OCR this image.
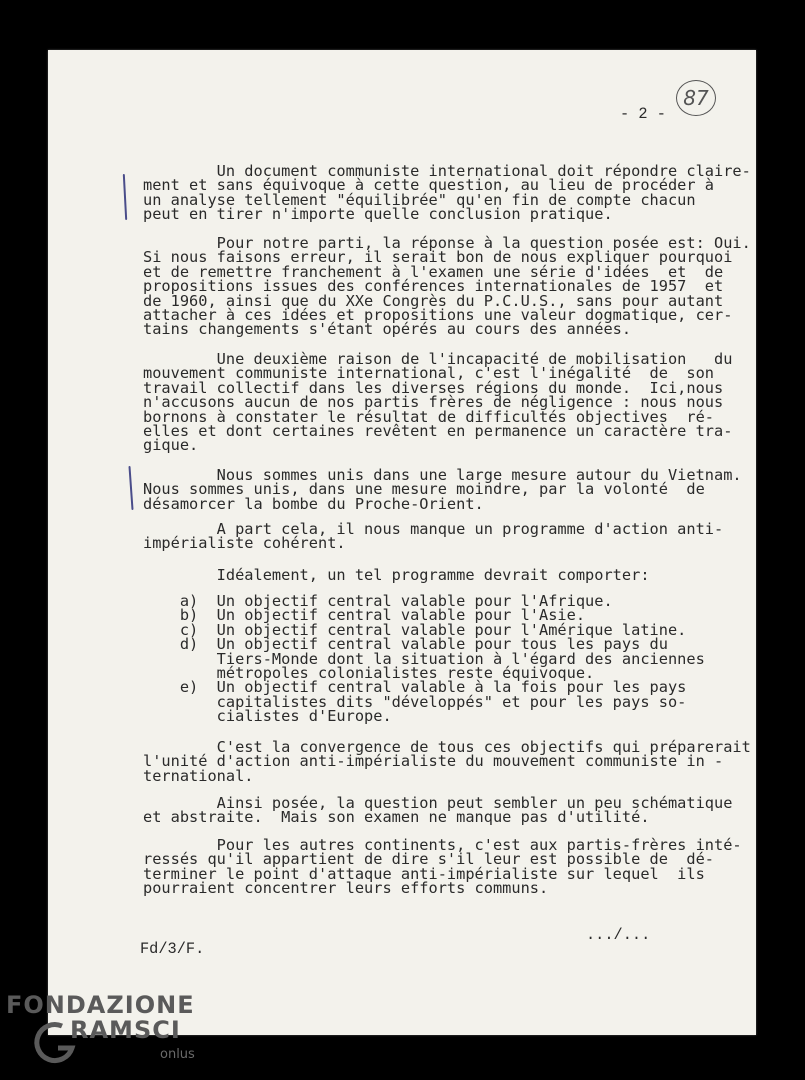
87
- 2 -
Un document communiste international doit répondre claire-
ment et sans équivoque à cette question, au lieu de procéder à
un analyse tellement "équilibrée" qu'en fin de compte chacun
peut en tirer n'importe quelle conclusion pratique.
Pour notre parti, la réponse à la question posée est: Oui.
Si nous faisons erreur, il serait bon de nous expliquer pourquoi
et de remettre franchement à l'examen une série d'idées  et  de
propositions issues des conférences internationales de 1957  et
de 1960, ainsi que du XXe Congrès du P.C.U.S., sans pour autant
attacher à ces idées et propositions une valeur dogmatique, cer-
tains changements s'étant opérés au cours des années.
Une deuxième raison de l'incapacité de mobilisation   du
mouvement communiste international, c'est l'inégalité  de  son
travail collectif dans les diverses régions du monde.  Ici,nous
n'accusons aucun de nos partis frères de négligence : nous nous
bornons à constater le résultat de difficultés objectives  ré-
elles et dont certaines revêtent en permanence un caractère tra-
gique.
Nous sommes unis dans une large mesure autour du Vietnam.
Nous sommes unis, dans une mesure moindre, par la volonté  de
désamorcer la bombe du Proche-Orient.
A part cela, il nous manque un programme d'action anti-
impérialiste cohérent.
Idéalement, un tel programme devrait comporter:
a)  Un objectif central valable pour l'Afrique.
b)  Un objectif central valable pour l'Asie.
c)  Un objectif central valable pour l'Amérique latine.
d)  Un objectif central valable pour tous les pays du
Tiers-Monde dont la situation à l'égard des anciennes
métropoles colonialistes reste équivoque.
e)  Un objectif central valable à la fois pour les pays
capitalistes dits "développés" et pour les pays so-
cialistes d'Europe.
C'est la convergence de tous ces objectifs qui préparerait
l'unité d'action anti-impérialiste du mouvement communiste in -
ternational.
Ainsi posée, la question peut sembler un peu schématique
et abstraite.  Mais son examen ne manque pas d'utilité.
Pour les autres continents, c'est aux partis-frères inté-
ressés qu'il appartient de dire s'il leur est possible de  dé-
terminer le point d'attaque anti-impérialiste sur lequel  ils
pourraient concentrer leurs efforts communs.
Fd/3/F.
.../...
FONDAZIONE
RAMSCI
onlus
